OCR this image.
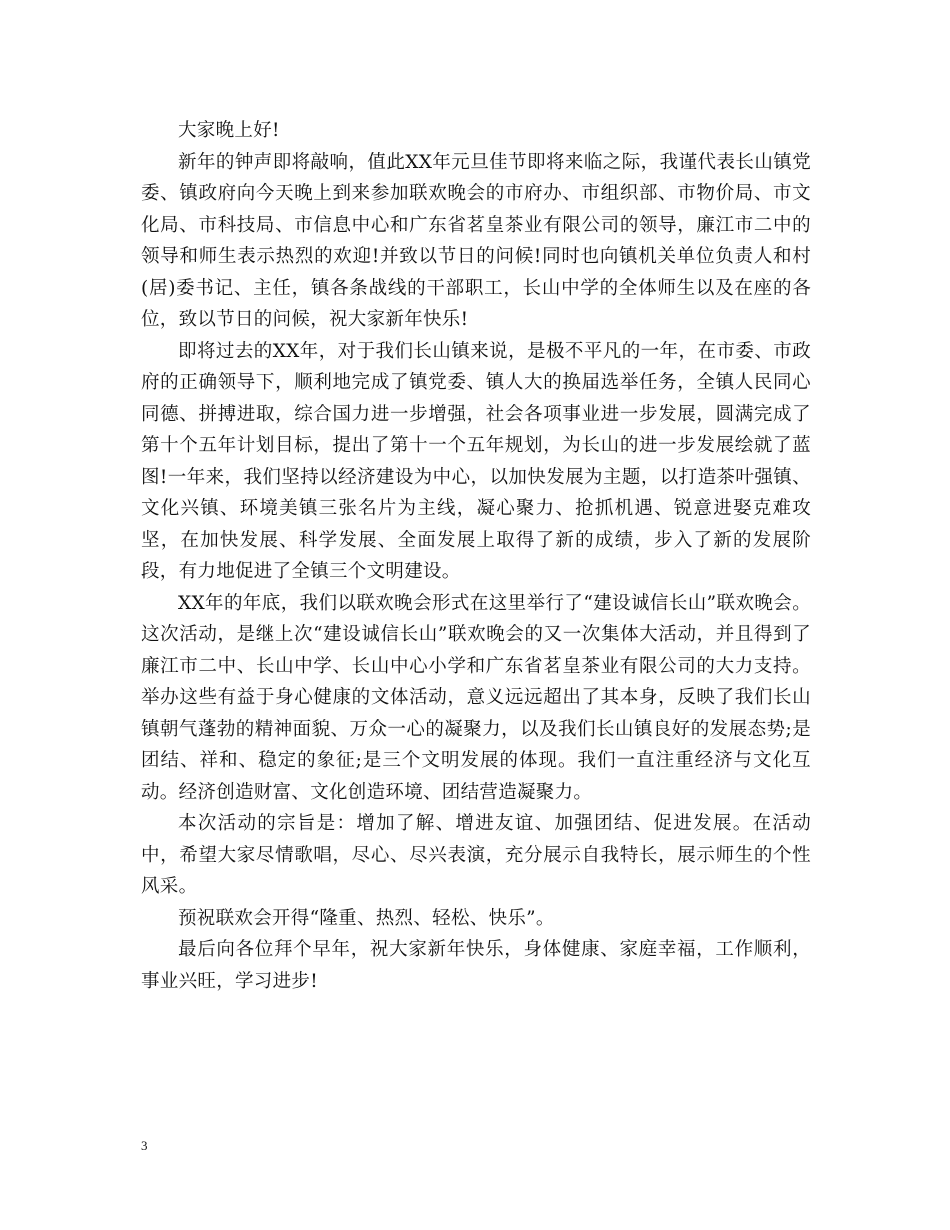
大家晚上好!

新年的钟声即将敲响，值此XX年元旦佳节即将来临之际，我谨代表长山镇党委、镇政府向今天晚上到来参加联欢晚会的市府办、市组织部、市物价局、市文化局、市科技局、市信息中心和广东省茗皇茶业有限公司的领导，廉江市二中的领导和师生表示热烈的欢迎!并致以节日的问候!同时也向镇机关单位负责人和村(居)委书记、主任，镇各条战线的干部职工，长山中学的全体师生以及在座的各位，致以节日的问候，祝大家新年快乐!

即将过去的XX年，对于我们长山镇来说，是极不平凡的一年，在市委、市政府的正确领导下，顺利地完成了镇党委、镇人大的换届选举任务，全镇人民同心同德、拼搏进取，综合国力进一步增强，社会各项事业进一步发展，圆满完成了第十个五年计划目标，提出了第十一个五年规划，为长山的进一步发展绘就了蓝图!一年来，我们坚持以经济建设为中心，以加快发展为主题，以打造茶叶强镇、文化兴镇、环境美镇三张名片为主线，凝心聚力、抢抓机遇、锐意进娶克难攻坚，在加快发展、科学发展、全面发展上取得了新的成绩，步入了新的发展阶段，有力地促进了全镇三个文明建设。

XX年的年底，我们以联欢晚会形式在这里举行了“建设诚信长山”联欢晚会。这次活动，是继上次“建设诚信长山”联欢晚会的又一次集体大活动，并且得到了廉江市二中、长山中学、长山中心小学和广东省茗皇茶业有限公司的大力支持。举办这些有益于身心健康的文体活动，意义远远超出了其本身，反映了我们长山镇朝气蓬勃的精神面貌、万众一心的凝聚力，以及我们长山镇良好的发展态势;是团结、祥和、稳定的象征;是三个文明发展的体现。我们一直注重经济与文化互动。经济创造财富、文化创造环境、团结营造凝聚力。

本次活动的宗旨是：增加了解、增进友谊、加强团结、促进发展。在活动中，希望大家尽情歌唱，尽心、尽兴表演，充分展示自我特长，展示师生的个性风采。

预祝联欢会开得“隆重、热烈、轻松、快乐”。

最后向各位拜个早年，祝大家新年快乐，身体健康、家庭幸福，工作顺利，事业兴旺，学习进步!

3
